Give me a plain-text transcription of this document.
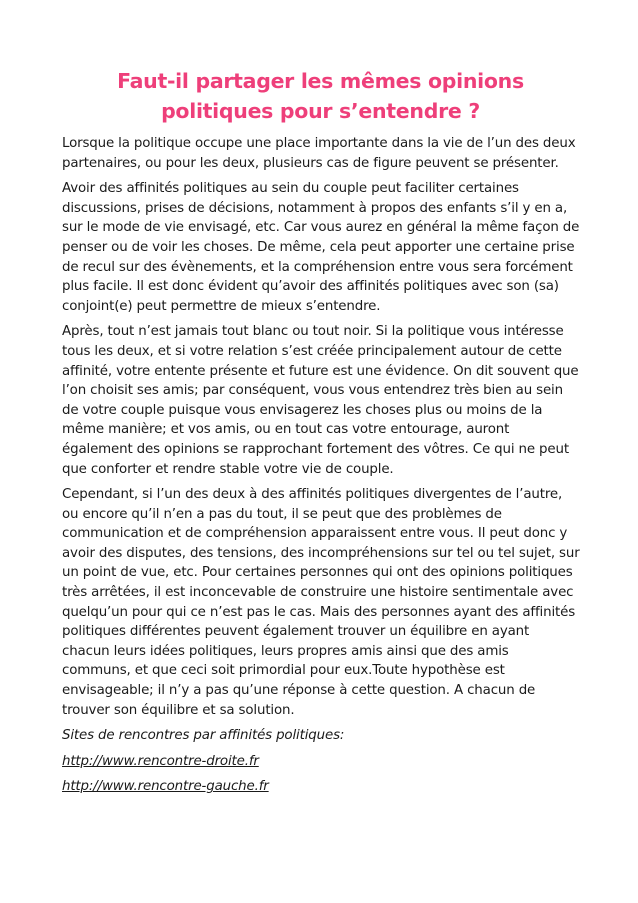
Faut-il partager les mêmes opinions
politiques pour s’entendre ?
Lorsque la politique occupe une place importante dans la vie de l’un des deux
partenaires, ou pour les deux, plusieurs cas de figure peuvent se présenter.
Avoir des affinités politiques au sein du couple peut faciliter certaines
discussions, prises de décisions, notamment à propos des enfants s’il y en a,
sur le mode de vie envisagé, etc. Car vous aurez en général la même façon de
penser ou de voir les choses. De même, cela peut apporter une certaine prise
de recul sur des évènements, et la compréhension entre vous sera forcément
plus facile. Il est donc évident qu’avoir des affinités politiques avec son (sa)
conjoint(e) peut permettre de mieux s’entendre.
Après, tout n’est jamais tout blanc ou tout noir. Si la politique vous intéresse
tous les deux, et si votre relation s’est créée principalement autour de cette
affinité, votre entente présente et future est une évidence. On dit souvent que
l’on choisit ses amis; par conséquent, vous vous entendrez très bien au sein
de votre couple puisque vous envisagerez les choses plus ou moins de la
même manière; et vos amis, ou en tout cas votre entourage, auront
également des opinions se rapprochant fortement des vôtres. Ce qui ne peut
que conforter et rendre stable votre vie de couple.
Cependant, si l’un des deux à des affinités politiques divergentes de l’autre,
ou encore qu’il n’en a pas du tout, il se peut que des problèmes de
communication et de compréhension apparaissent entre vous. Il peut donc y
avoir des disputes, des tensions, des incompréhensions sur tel ou tel sujet, sur
un point de vue, etc. Pour certaines personnes qui ont des opinions politiques
très arrêtées, il est inconcevable de construire une histoire sentimentale avec
quelqu’un pour qui ce n’est pas le cas. Mais des personnes ayant des affinités
politiques différentes peuvent également trouver un équilibre en ayant
chacun leurs idées politiques, leurs propres amis ainsi que des amis
communs, et que ceci soit primordial pour eux.Toute hypothèse est
envisageable; il n’y a pas qu’une réponse à cette question. A chacun de
trouver son équilibre et sa solution.
Sites de rencontres par affinités politiques:
http://www.rencontre-droite.fr
http://www.rencontre-gauche.fr
